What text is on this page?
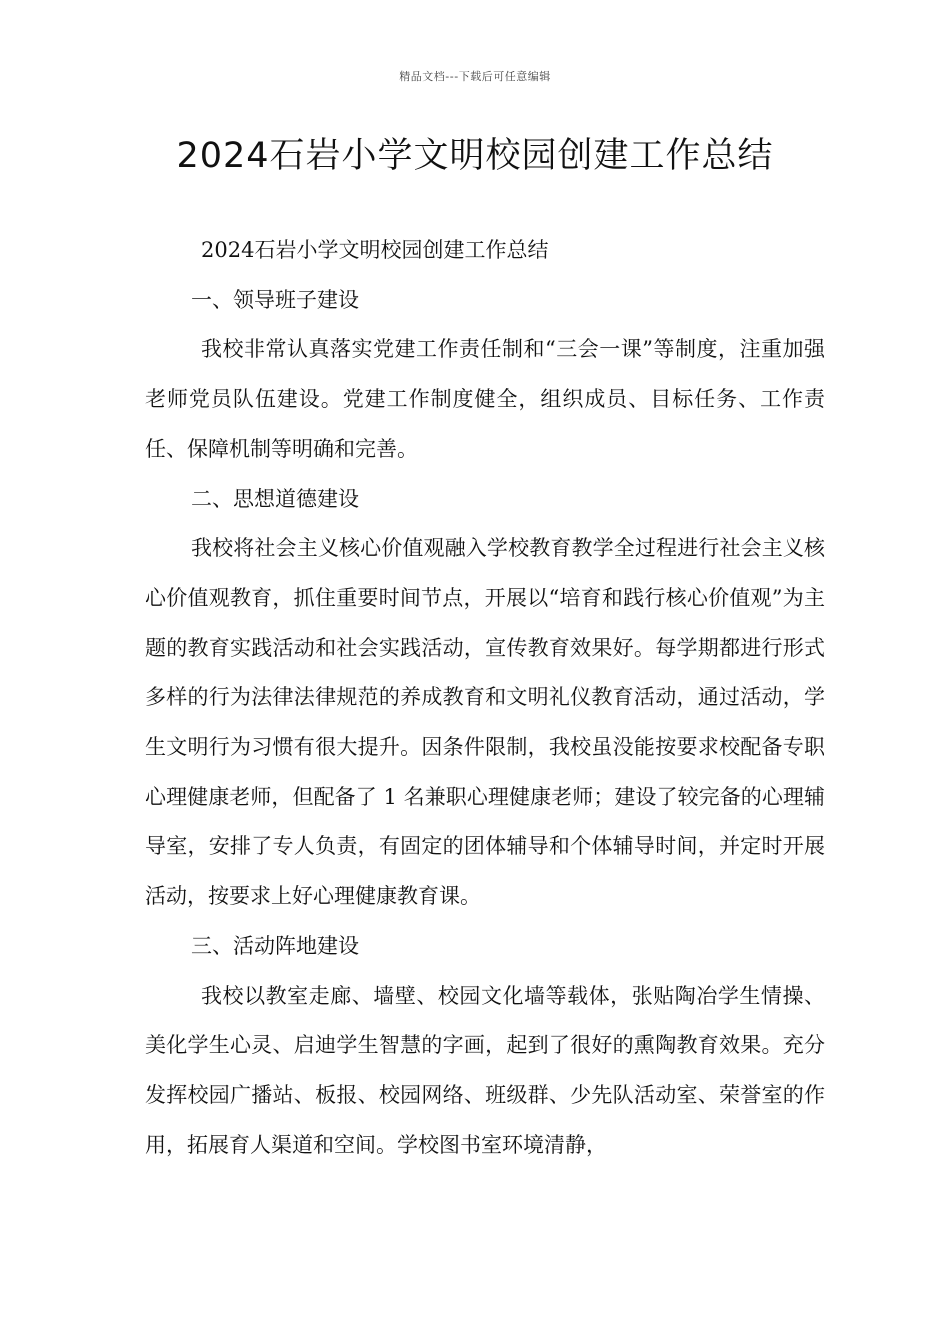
精品文档---下载后可任意编辑
2024石岩小学文明校园创建工作总结

2024石岩小学文明校园创建工作总结

一、领导班子建设

我校非常认真落实党建工作责任制和“三会一课”等制度，注重加强老师党员队伍建设。党建工作制度健全，组织成员、目标任务、工作责任、保障机制等明确和完善。

二、思想道德建设

我校将社会主义核心价值观融入学校教育教学全过程进行社会主义核心价值观教育，抓住重要时间节点，开展以“培育和践行核心价值观”为主题的教育实践活动和社会实践活动，宣传教育效果好。每学期都进行形式多样的行为法律法律规范的养成教育和文明礼仪教育活动，通过活动，学生文明行为习惯有很大提升。因条件限制，我校虽没能按要求校配备专职心理健康老师，但配备了 1 名兼职心理健康老师；建设了较完备的心理辅导室，安排了专人负责，有固定的团体辅导和个体辅导时间，并定时开展活动，按要求上好心理健康教育课。

三、活动阵地建设

我校以教室走廊、墙壁、校园文化墙等载体，张贴陶冶学生情操、美化学生心灵、启迪学生智慧的字画，起到了很好的熏陶教育效果。充分发挥校园广播站、板报、校园网络、班级群、少先队活动室、荣誉室的作用，拓展育人渠道和空间。学校图书室环境清静，
